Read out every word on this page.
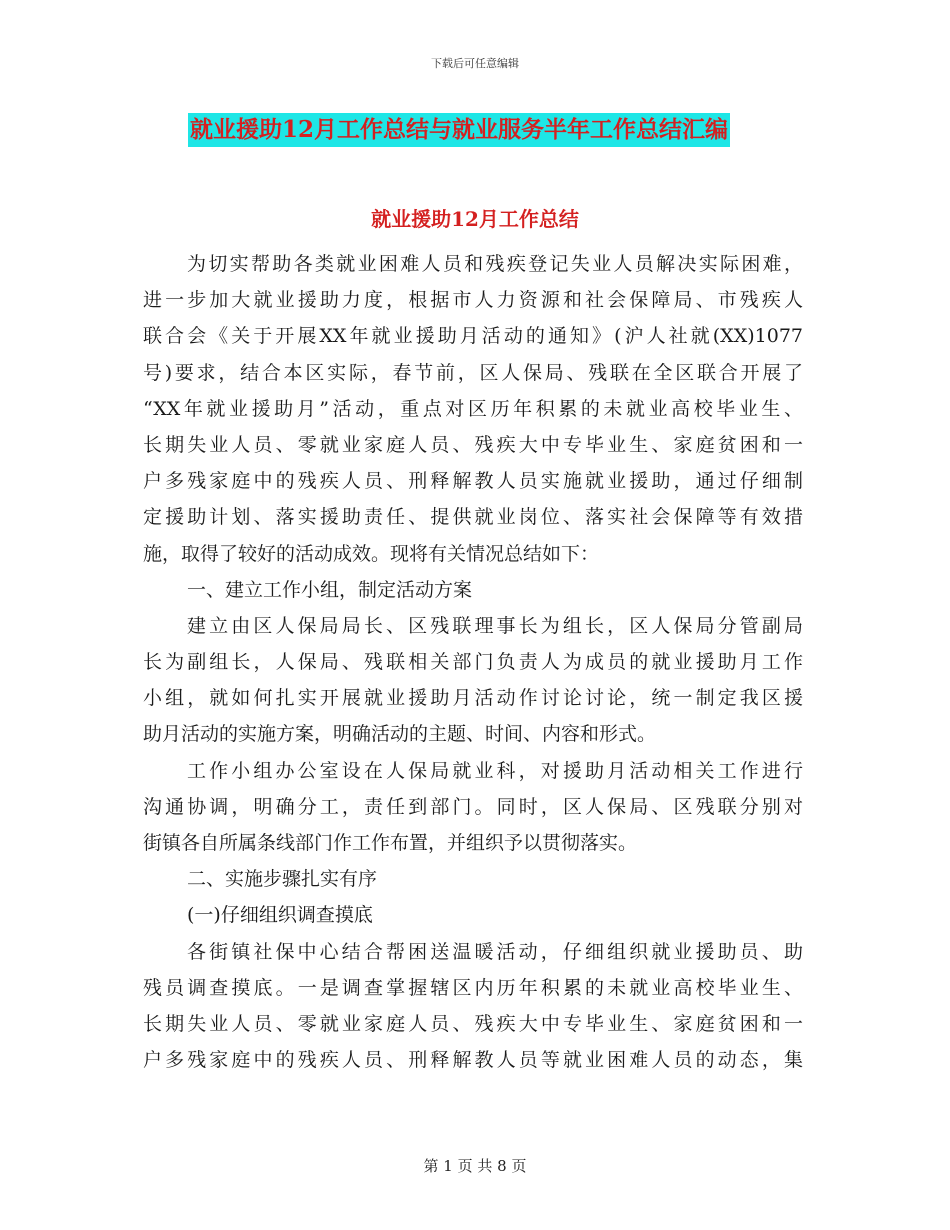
下载后可任意编辑
就业援助12月工作总结与就业服务半年工作总结汇编
就业援助12月工作总结
为切实帮助各类就业困难人员和残疾登记失业人员解决实际困难，
进一步加大就业援助力度，根据市人力资源和社会保障局、市残疾人
联合会《关于开展XX年就业援助月活动的通知》(沪人社就(XX)1077
号)要求，结合本区实际，春节前，区人保局、残联在全区联合开展了
“XX年就业援助月”活动，重点对区历年积累的未就业高校毕业生、
长期失业人员、零就业家庭人员、残疾大中专毕业生、家庭贫困和一
户多残家庭中的残疾人员、刑释解教人员实施就业援助，通过仔细制
定援助计划、落实援助责任、提供就业岗位、落实社会保障等有效措
施，取得了较好的活动成效。现将有关情况总结如下：
一、建立工作小组，制定活动方案
建立由区人保局局长、区残联理事长为组长，区人保局分管副局
长为副组长，人保局、残联相关部门负责人为成员的就业援助月工作
小组，就如何扎实开展就业援助月活动作讨论讨论，统一制定我区援
助月活动的实施方案，明确活动的主题、时间、内容和形式。
工作小组办公室设在人保局就业科，对援助月活动相关工作进行
沟通协调，明确分工，责任到部门。同时，区人保局、区残联分别对
街镇各自所属条线部门作工作布置，并组织予以贯彻落实。
二、实施步骤扎实有序
(一)仔细组织调查摸底
各街镇社保中心结合帮困送温暖活动，仔细组织就业援助员、助
残员调查摸底。一是调查掌握辖区内历年积累的未就业高校毕业生、
长期失业人员、零就业家庭人员、残疾大中专毕业生、家庭贫困和一
户多残家庭中的残疾人员、刑释解教人员等就业困难人员的动态，集
第 1 页 共 8 页
